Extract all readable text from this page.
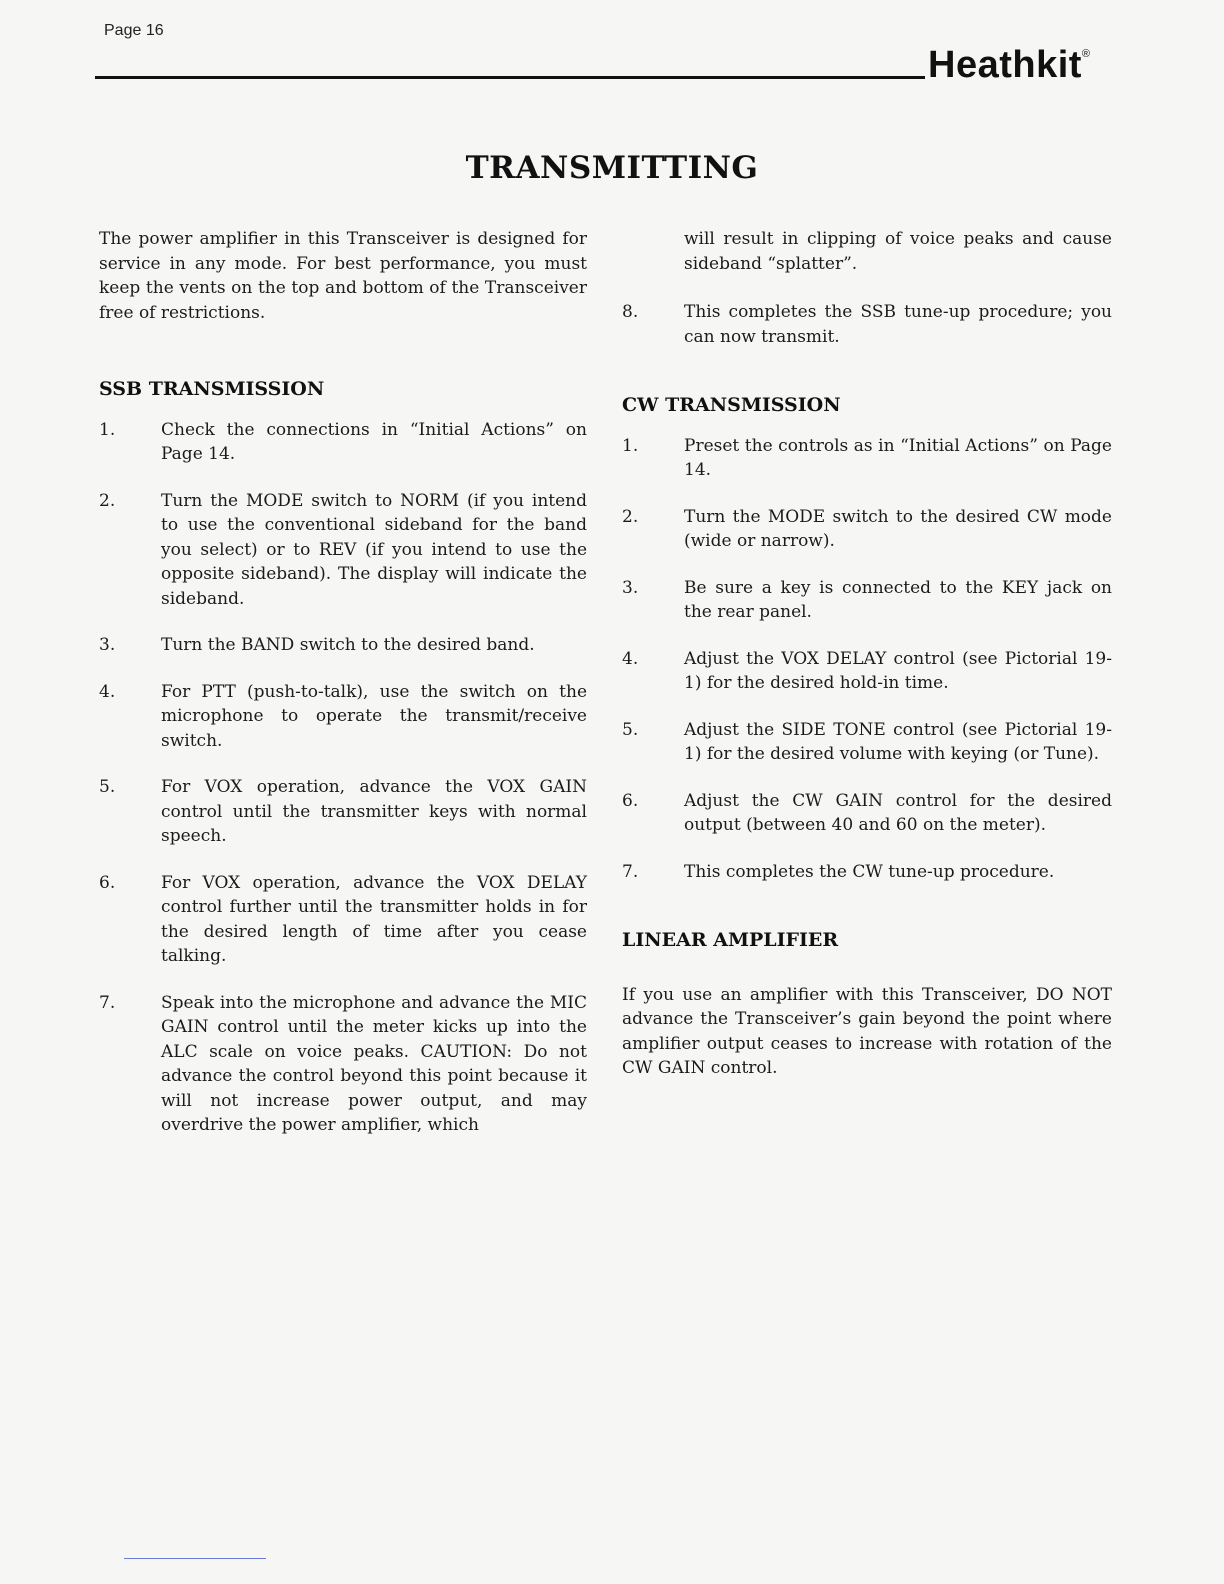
Page 16
Heathkit®
TRANSMITTING

The power amplifier in this Transceiver is designed for service in any mode. For best performance, you must keep the vents on the top and bottom of the Transceiver free of restrictions.

SSB TRANSMISSION
1.	Check the connections in “Initial Actions” on Page 14.
2.	Turn the MODE switch to NORM (if you intend to use the conventional sideband for the band you select) or to REV (if you intend to use the opposite sideband). The display will indicate the sideband.
3.	Turn the BAND switch to the desired band.
4.	For PTT (push-to-talk), use the switch on the microphone to operate the transmit/receive switch.
5.	For VOX operation, advance the VOX GAIN control until the transmitter keys with normal speech.
6.	For VOX operation, advance the VOX DELAY control further until the transmitter holds in for the desired length of time after you cease talking.
7.	Speak into the microphone and advance the MIC GAIN control until the meter kicks up into the ALC scale on voice peaks. CAUTION: Do not advance the control beyond this point because it will not increase power output, and may overdrive the power amplifier, which

will result in clipping of voice peaks and cause sideband “splatter”.

8.	This completes the SSB tune-up procedure; you can now transmit.
CW TRANSMISSION
1.	Preset the controls as in “Initial Actions” on Page 14.
2.	Turn the MODE switch to the desired CW mode (wide or narrow).
3.	Be sure a key is connected to the KEY jack on the rear panel.
4.	Adjust the VOX DELAY control (see Pictorial 19-1) for the desired hold-in time.
5.	Adjust the SIDE TONE control (see Pictorial 19-1) for the desired volume with keying (or Tune).
6.	Adjust the CW GAIN control for the desired output (between 40 and 60 on the meter).
7.	This completes the CW tune-up procedure.
LINEAR AMPLIFIER

If you use an amplifier with this Transceiver, DO NOT advance the Transceiver’s gain beyond the point where amplifier output ceases to increase with rotation of the CW GAIN control.
